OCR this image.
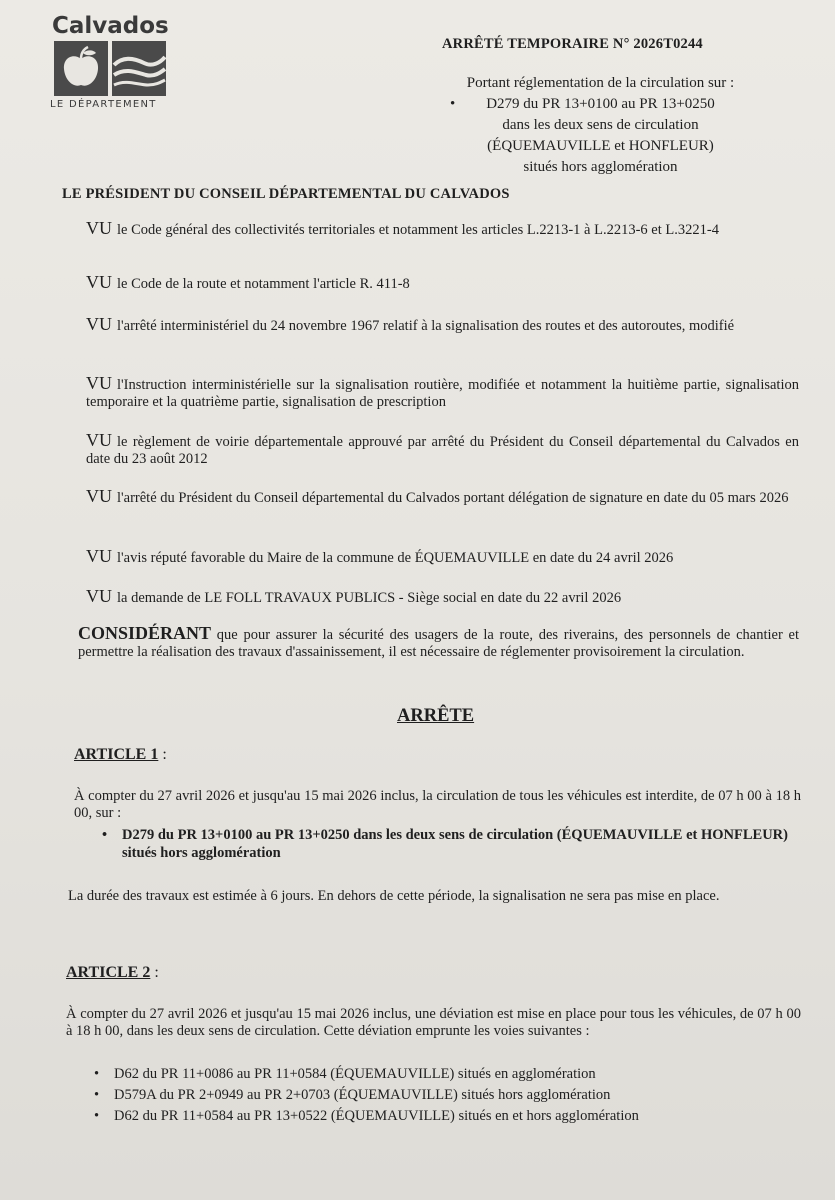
Calvados
LE DÉPARTEMENT
ARRÊTÉ TEMPORAIRE N° 2026T0244
Portant réglementation de la circulation sur :
• D279 du PR 13+0100 au PR 13+0250
dans les deux sens de circulation
(ÉQUEMAUVILLE et HONFLEUR)
situés hors agglomération
LE PRÉSIDENT DU CONSEIL DÉPARTEMENTAL DU CALVADOS
VU le Code général des collectivités territoriales et notamment les articles L.2213-1 à L.2213-6 et L.3221-4
VU le Code de la route et notamment l'article R. 411-8
VU l'arrêté interministériel du 24 novembre 1967 relatif à la signalisation des routes et des autoroutes, modifié
VU l'Instruction interministérielle sur la signalisation routière, modifiée et notamment la huitième partie, signalisation temporaire et la quatrième partie, signalisation de prescription
VU le règlement de voirie départementale approuvé par arrêté du Président du Conseil départemental du Calvados en date du 23 août 2012
VU l'arrêté du Président du Conseil départemental du Calvados portant délégation de signature en date du 05 mars 2026
VU l'avis réputé favorable du Maire de la commune de ÉQUEMAUVILLE en date du 24 avril 2026
VU la demande de LE FOLL TRAVAUX PUBLICS - Siège social en date du 22 avril 2026
CONSIDÉRANT que pour assurer la sécurité des usagers de la route, des riverains, des personnels de chantier et permettre la réalisation des travaux d'assainissement, il est nécessaire de réglementer provisoirement la circulation.
ARRÊTE
ARTICLE 1 :
À compter du 27 avril 2026 et jusqu'au 15 mai 2026 inclus, la circulation de tous les véhicules est interdite, de 07 h 00 à 18 h 00, sur :
• D279 du PR 13+0100 au PR 13+0250 dans les deux sens de circulation (ÉQUEMAUVILLE et HONFLEUR) situés hors agglomération
La durée des travaux est estimée à 6 jours. En dehors de cette période, la signalisation ne sera pas mise en place.
ARTICLE 2 :
À compter du 27 avril 2026 et jusqu'au 15 mai 2026 inclus, une déviation est mise en place pour tous les véhicules, de 07 h 00 à 18 h 00, dans les deux sens de circulation. Cette déviation emprunte les voies suivantes :
• D62 du PR 11+0086 au PR 11+0584 (ÉQUEMAUVILLE) situés en agglomération
• D579A du PR 2+0949 au PR 2+0703 (ÉQUEMAUVILLE) situés hors agglomération
• D62 du PR 11+0584 au PR 13+0522 (ÉQUEMAUVILLE) situés en et hors agglomération
